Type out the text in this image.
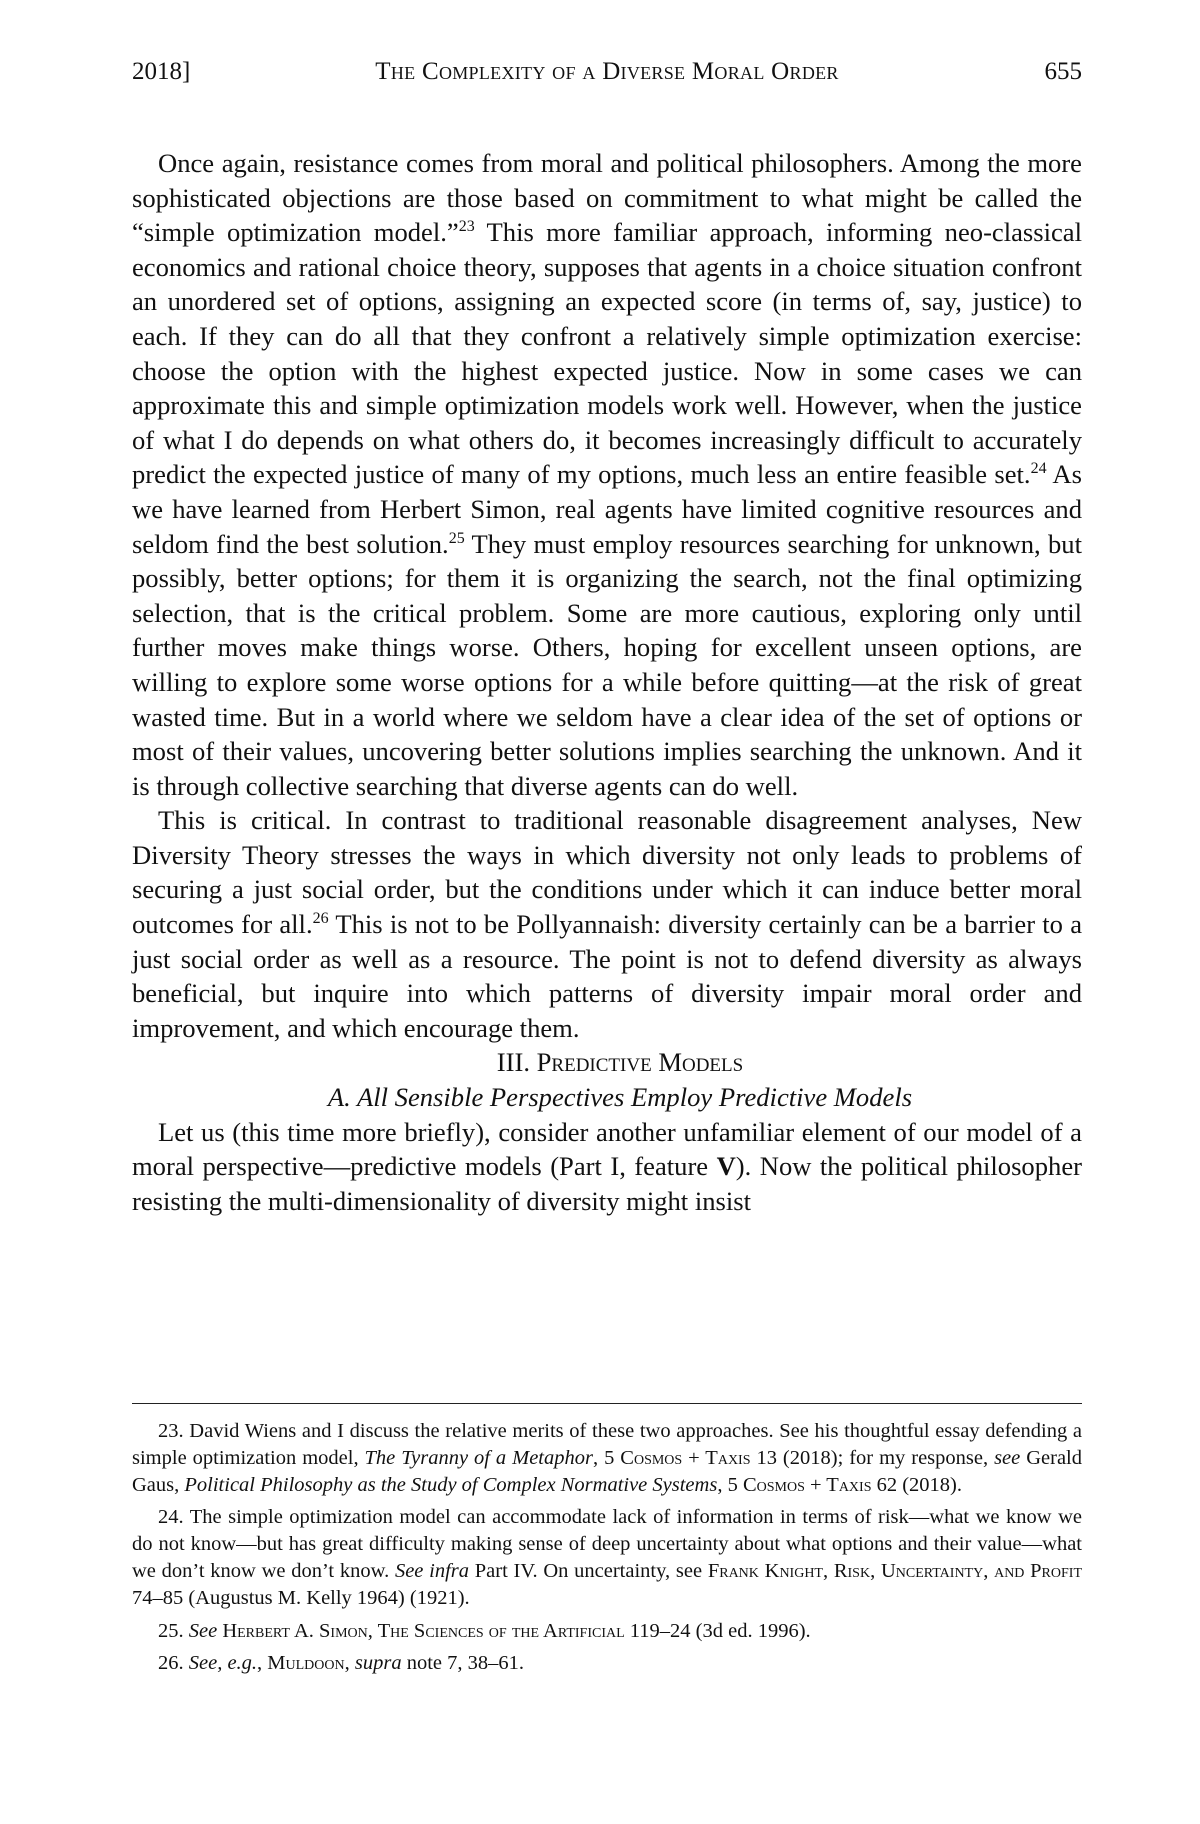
2018]	The Complexity of a Diverse Moral Order	655

Once again, resistance comes from moral and political philosophers. Among the more sophisticated objections are those based on commitment to what might be called the “simple optimization model.”$^{23}$ This more familiar approach, informing neo-classical economics and rational choice theory, supposes that agents in a choice situation confront an unordered set of options, assigning an expected score (in terms of, say, justice) to each. If they can do all that they confront a relatively simple optimization exercise: choose the option with the highest expected justice. Now in some cases we can approximate this and simple optimization models work well. However, when the justice of what I do depends on what others do, it becomes increasingly difficult to accurately predict the expected justice of many of my options, much less an entire feasible set.$^{24}$ As we have learned from Herbert Simon, real agents have limited cognitive resources and seldom find the best solution.$^{25}$ They must employ resources searching for unknown, but possibly, better options; for them it is organizing the search, not the final optimizing selection, that is the critical problem. Some are more cautious, exploring only until further moves make things worse. Others, hoping for excellent unseen options, are willing to explore some worse options for a while before quitting—at the risk of great wasted time. But in a world where we seldom have a clear idea of the set of options or most of their values, uncovering better solutions implies searching the unknown. And it is through collective searching that diverse agents can do well.

This is critical. In contrast to traditional reasonable disagreement analyses, New Diversity Theory stresses the ways in which diversity not only leads to problems of securing a just social order, but the conditions under which it can induce better moral outcomes for all.$^{26}$ This is not to be Pollyannaish: diversity certainly can be a barrier to a just social order as well as a resource. The point is not to defend diversity as always beneficial, but inquire into which patterns of diversity impair moral order and improvement, and which encourage them.

III. Predictive Models

A. All Sensible Perspectives Employ Predictive Models

Let us (this time more briefly), consider another unfamiliar element of our model of a moral perspective—predictive models (Part I, feature V). Now the political philosopher resisting the multi-dimensionality of diversity might insist

23. David Wiens and I discuss the relative merits of these two approaches. See his thoughtful essay defending a simple optimization model, The Tyranny of a Metaphor, 5 Cosmos + Taxis 13 (2018); for my response, see Gerald Gaus, Political Philosophy as the Study of Complex Normative Systems, 5 Cosmos + Taxis 62 (2018).

24. The simple optimization model can accommodate lack of information in terms of risk—what we know we do not know—but has great difficulty making sense of deep uncertainty about what options and their value—what we don’t know we don’t know. See infra Part IV. On uncertainty, see Frank Knight, Risk, Uncertainty, and Profit 74–85 (Augustus M. Kelly 1964) (1921).

25. See Herbert A. Simon, The Sciences of the Artificial 119–24 (3d ed. 1996).

26. See, e.g., Muldoon, supra note 7, 38–61.
